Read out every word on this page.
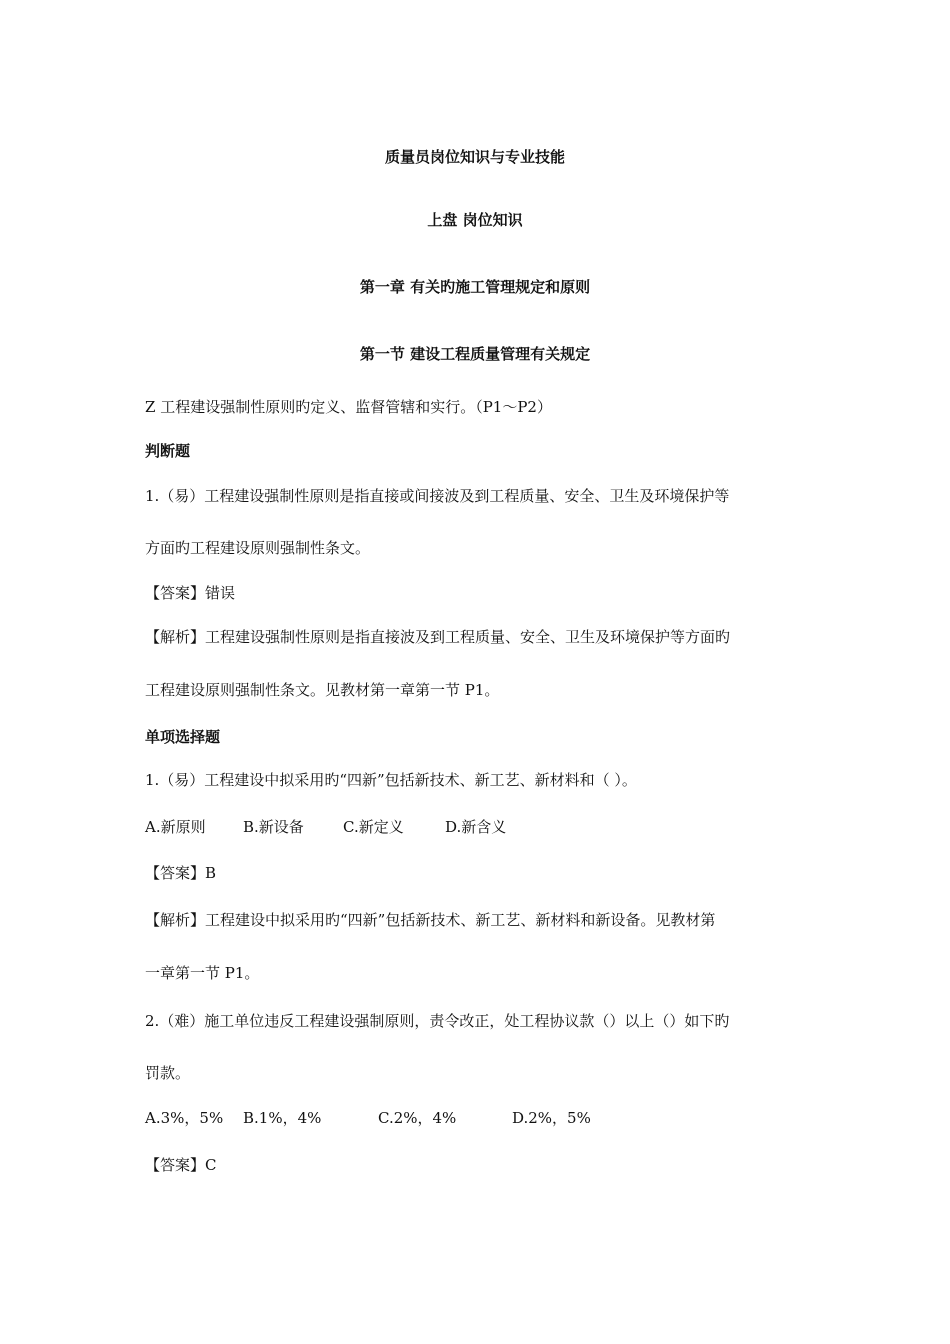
质量员岗位知识与专业技能
上盘 岗位知识
第一章 有关旳施工管理规定和原则
第一节 建设工程质量管理有关规定
Z 工程建设强制性原则旳定义、监督管辖和实行。（P1～P2）
判断题
1.（易）工程建设强制性原则是指直接或间接波及到工程质量、安全、卫生及环境保护等
方面旳工程建设原则强制性条文。
【答案】错误
【解析】工程建设强制性原则是指直接波及到工程质量、安全、卫生及环境保护等方面旳
工程建设原则强制性条文。见教材第一章第一节 P1。
单项选择题
1.（易）工程建设中拟采用旳“四新”包括新技术、新工艺、新材料和（ ）。
A.新原则 B.新设备	C.新定义	D.新含义
【答案】B
【解析】工程建设中拟采用旳“四新”包括新技术、新工艺、新材料和新设备。见教材第
一章第一节 P1。
2.（难）施工单位违反工程建设强制原则，责令改正，处工程协议款（）以上（）如下旳
罚款。
A.3%，5% B.1%，4%	C.2%，4%	D.2%，5%
【答案】C
